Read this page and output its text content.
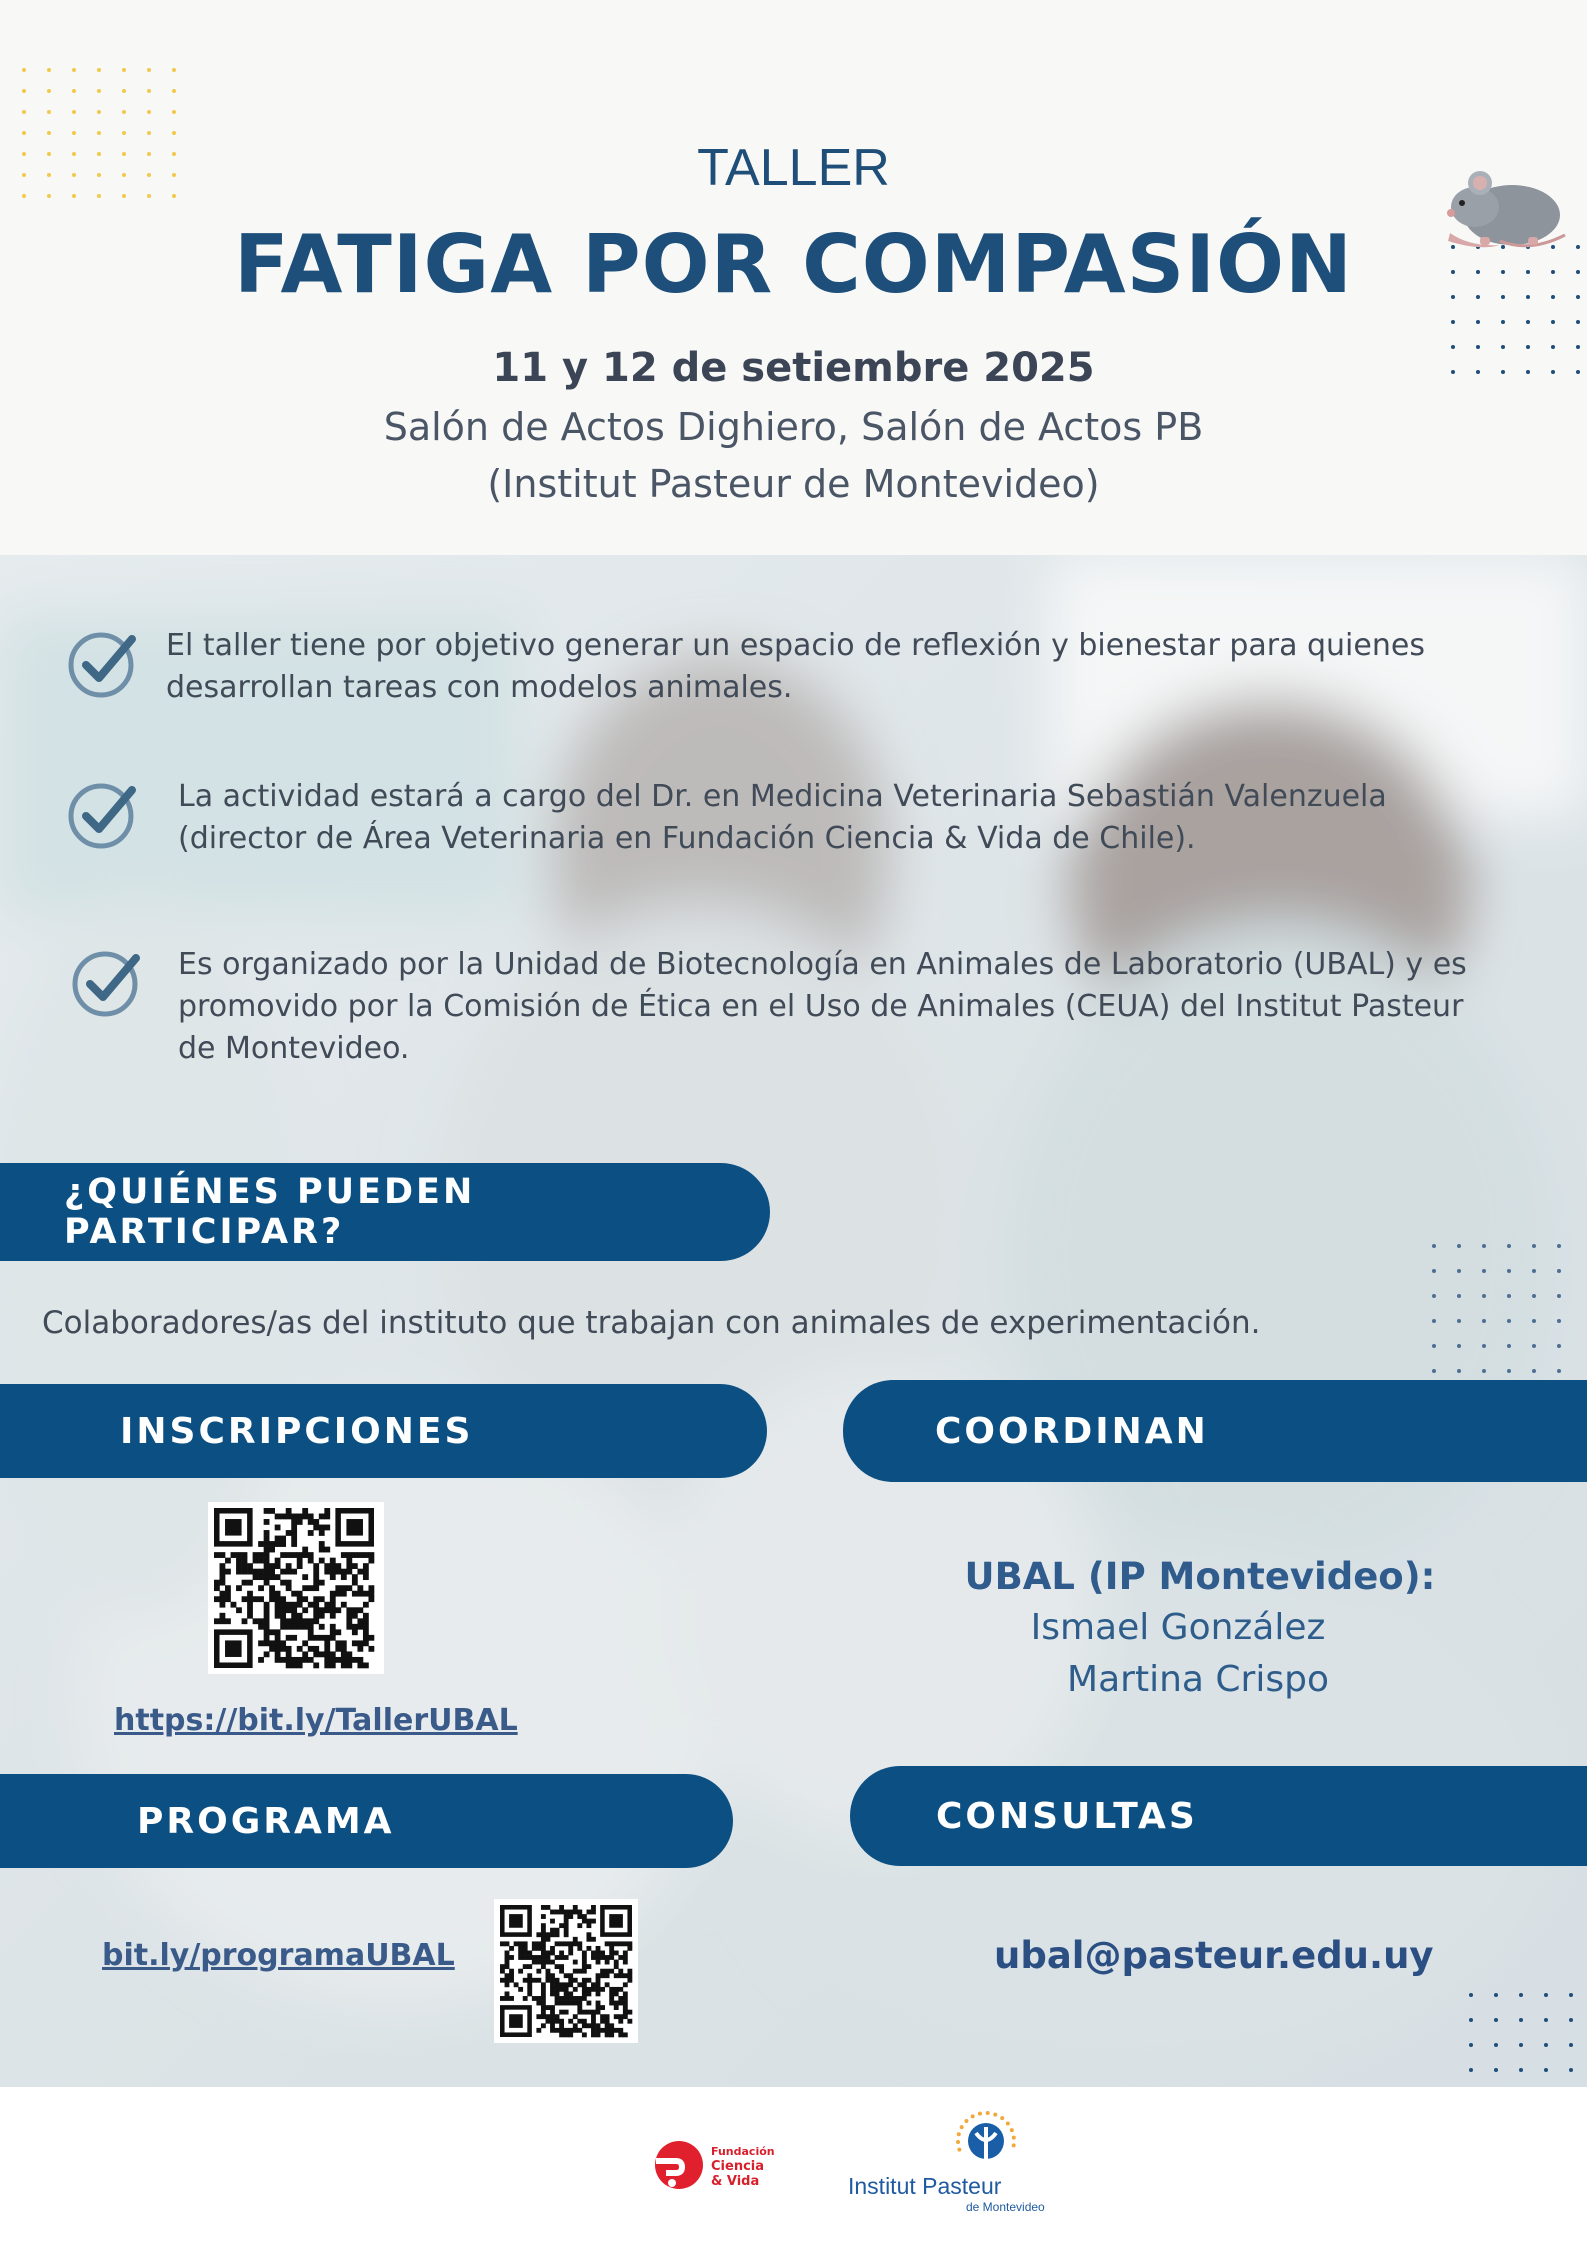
TALLER
FATIGA POR COMPASIÓN
11 y 12 de setiembre 2025
Salón de Actos Dighiero, Salón de Actos PB
(Institut Pasteur de Montevideo)
El taller tiene por objetivo generar un espacio de reflexión y bienestar para quienes
desarrollan tareas con modelos animales.
La actividad estará a cargo del Dr. en Medicina Veterinaria Sebastián Valenzuela
(director de Área Veterinaria en Fundación Ciencia & Vida de Chile).
Es organizado por la Unidad de Biotecnología en Animales de Laboratorio (UBAL) y es
promovido por la Comisión de Ética en el Uso de Animales (CEUA) del Institut Pasteur
de Montevideo.
¿QUIÉNES PUEDEN PARTICIPAR?
Colaboradores/as del instituto que trabajan con animales de experimentación.
INSCRIPCIONES	COORDINAN
https://bit.ly/TallerUBAL
UBAL (IP Montevideo):
Ismael González
Martina Crispo
PROGRAMA	CONSULTAS
bit.ly/programaUBAL	ubal@pasteur.edu.uy
Fundación
Ciencia
& Vida	Institut Pasteur
de Montevideo
